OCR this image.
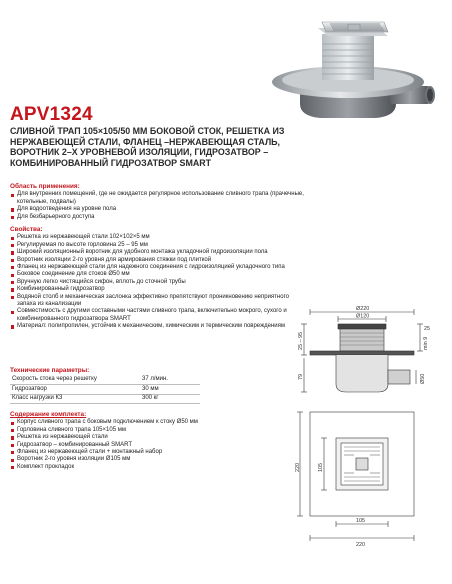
APV1324
СЛИВНОЙ ТРАП 105×105/50 ММ БОКОВОЙ СТОК, РЕШЕТКА ИЗ НЕРЖАВЕЮЩЕЙ СТАЛИ, ФЛАНЕЦ –НЕРЖАВЕЮЩАЯ СТАЛЬ, ВОРОТНИК 2–Х УРОВНЕВОЙ ИЗОЛЯЦИИ, ГИДРОЗАТВОР – КОМБИНИРОВАННЫЙ ГИДРОЗАТВОР SMART
Область применения:
Для внутренних помещений, где не ожидается регулярное использование сливного трапа (прачечные, котельные, подвалы)
Для водоотведения на уровне пола
Для безбарьерного доступа
Свойства:
Решетка из нержавеющей стали 102×102×5 мм
Регулируемая по высоте горловина 25 – 95 мм
Широкий изоляционный воротник для удобного монтажа укладочной гидроизоляции пола
Воротник изоляции 2-го уровня для армирования стяжки под плиткой
Фланец из нержавеющей стали для надежного соединения с гидроизоляцией укладочного типа
Боковое соединение для стоков Ø50 мм
Вручную легко чистящийся сифон, вплоть до сточной трубы
Комбинированный гидрозатвор
Водяной столб и механическая заслонка эффективно препятствуют проникновению неприятного запаха из канализации
Совместимость с другими составными частями сливного трапа, включительно мокрого, сухого и комбинированного гидрозатвора SMART
Материал: полипропилен, устойчив к механическим, химическим и термическим повреждениям
Технические параметры:
Скорость стока через решетку	37 л/мин.
Гидрозатвор	30 мм
Класс нагрузки К3	300 кг
Содержание комплекта:
Корпус сливного трапа с боковым подключением к стоку Ø50 мм
Горловина сливного трапа 105×105 мм
Решетка из нержавеющей стали
Гидрозатвор – комбинированный SMART
Фланец из нержавеющей стали + монтажный набор
Воротник 2-го уровня изоляции Ø105 мм
Комплект прокладок
Ø220
Ø120
25 – 95
79
25
min 9
Ø50
105
220
220	105
